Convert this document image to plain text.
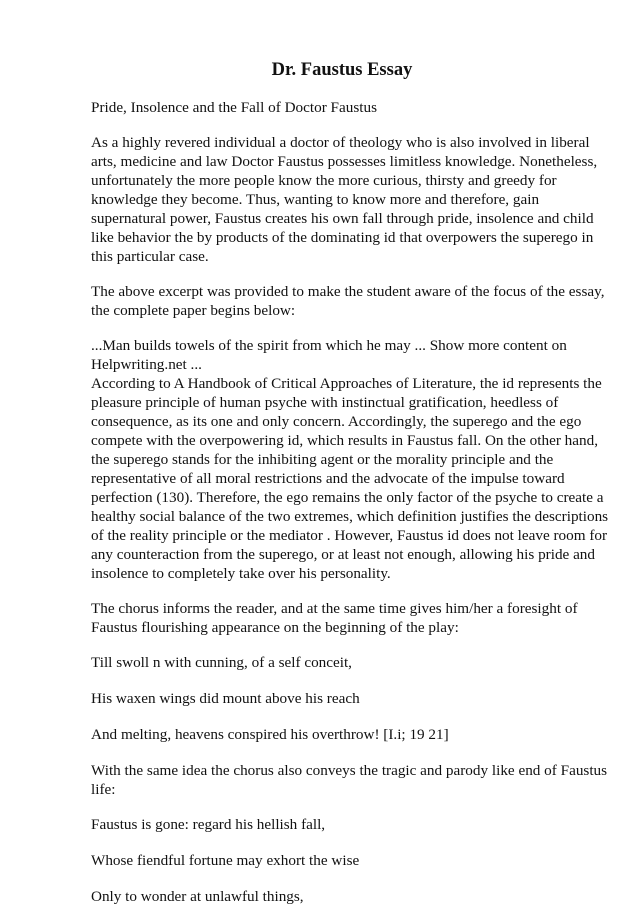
Dr. Faustus Essay

Pride, Insolence and the Fall of Doctor Faustus

As a highly revered individual a doctor of theology who is also involved in liberal
arts, medicine and law Doctor Faustus possesses limitless knowledge. Nonetheless,
unfortunately the more people know the more curious, thirsty and greedy for
knowledge they become. Thus, wanting to know more and therefore, gain
supernatural power, Faustus creates his own fall through pride, insolence and child
like behavior the by products of the dominating id that overpowers the superego in
this particular case.
The above excerpt was provided to make the student aware of the focus of the essay,
the complete paper begins below:
...Man builds towels of the spirit from which he may ... Show more content on
Helpwriting.net ...
According to A Handbook of Critical Approaches of Literature, the id represents the
pleasure principle of human psyche with instinctual gratification, heedless of
consequence, as its one and only concern. Accordingly, the superego and the ego
compete with the overpowering id, which results in Faustus fall. On the other hand,
the superego stands for the inhibiting agent or the morality principle and the
representative of all moral restrictions and the advocate of the impulse toward
perfection (130). Therefore, the ego remains the only factor of the psyche to create a
healthy social balance of the two extremes, which definition justifies the descriptions
of the reality principle or the mediator . However, Faustus id does not leave room for
any counteraction from the superego, or at least not enough, allowing his pride and
insolence to completely take over his personality.
The chorus informs the reader, and at the same time gives him/her a foresight of
Faustus flourishing appearance on the beginning of the play:

Till swoll n with cunning, of a self conceit,

His waxen wings did mount above his reach

And melting, heavens conspired his overthrow! [I.i; 19 21]

With the same idea the chorus also conveys the tragic and parody like end of Faustus
life:

Faustus is gone: regard his hellish fall,

Whose fiendful fortune may exhort the wise

Only to wonder at unlawful things,
